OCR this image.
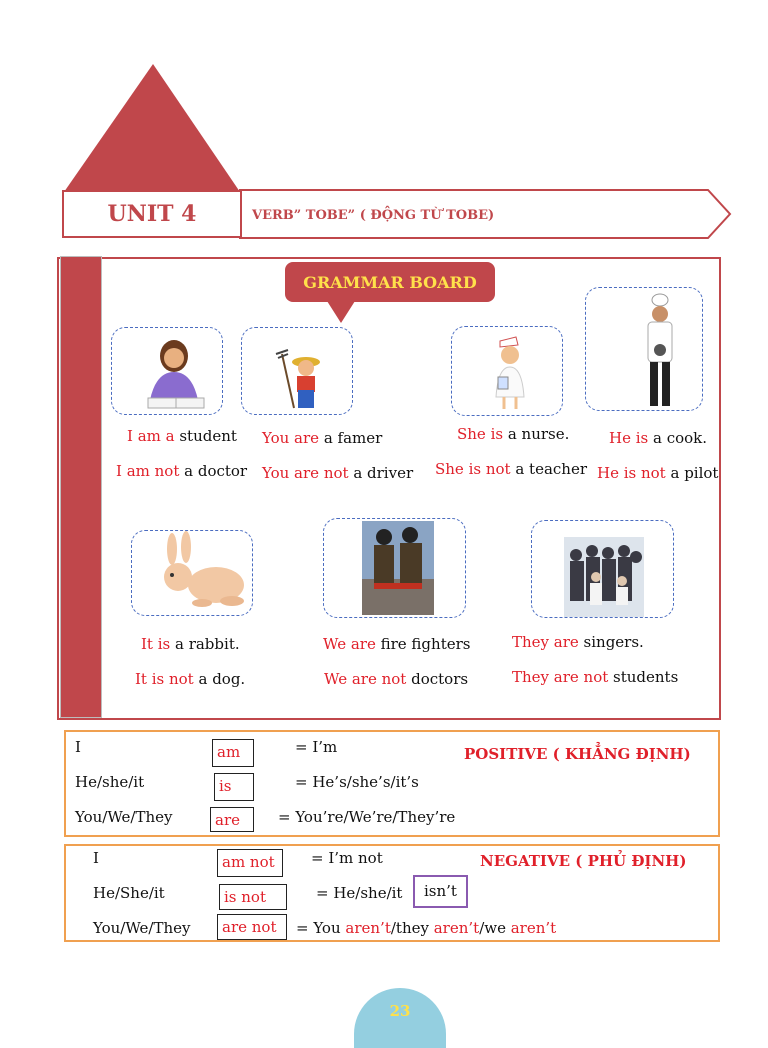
UNIT 4	VERB” TOBE” ( ĐỘNG TỪ TOBE)
GRAMMAR BOARD
I am a student
I am not a doctor
You are a famer
You are not a driver
She is a nurse.
She is not a teacher
He is a cook.
He is not a pilot
It is a rabbit.
It is not a dog.
We are fire fighters
We are not doctors
They are singers.
They are not students
POSITIVE ( KHẲNG ĐỊNH)
I	am	= I’m
He/she/it	is	= He’s/she’s/it’s
You/We/They	are	= You’re/We’re/They’re
NEGATIVE ( PHỦ ĐỊNH)
I	am not	= I’m not
He/She/it	is not	= He/she/it	isn’t
You/We/They	are not	= You aren’t/they aren’t/we aren’t
23
